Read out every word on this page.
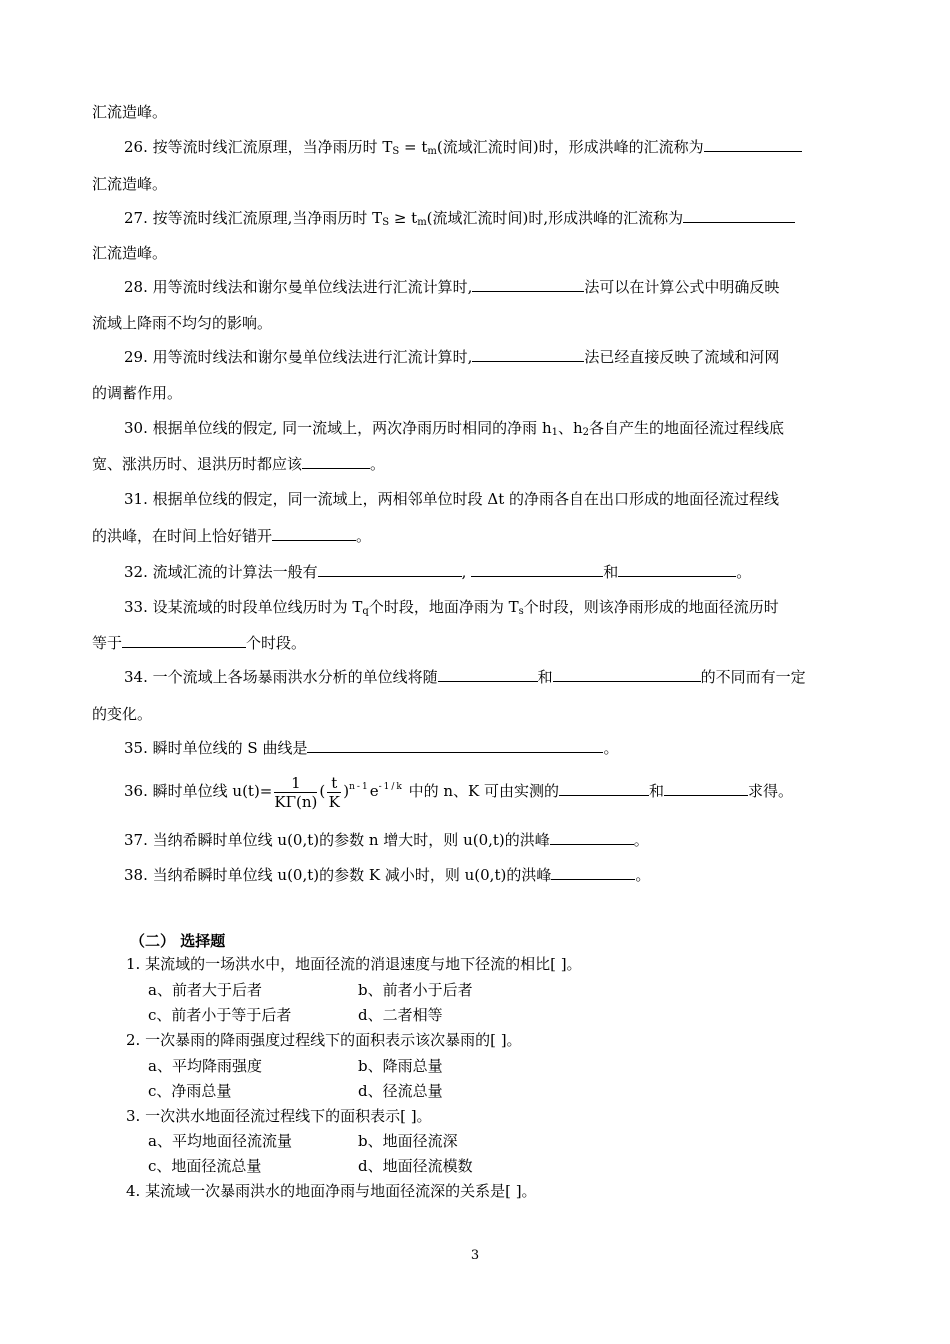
汇流造峰。
26. 按等流时线汇流原理，当净雨历时 $T_S = t_m$(流域汇流时间)时，形成洪峰的汇流称为
汇流造峰。
27. 按等流时线汇流原理,当净雨历时 $T_S \ge t_m$(流域汇流时间)时,形成洪峰的汇流称为
汇流造峰。
28. 用等流时线法和谢尔曼单位线法进行汇流计算时,	法可以在计算公式中明确反映
流域上降雨不均匀的影响。
29. 用等流时线法和谢尔曼单位线法进行汇流计算时,	法已经直接反映了流域和河网
的调蓄作用。
30. 根据单位线的假定, 同一流域上，两次净雨历时相同的净雨 $h_1$、$h_2$各自产生的地面径流过程线底
宽、涨洪历时、退洪历时都应该	。
31. 根据单位线的假定，同一流域上，两相邻单位时段 Δt 的净雨各自在出口形成的地面径流过程线
的洪峰，在时间上恰好错开	。
32. 流域汇流的计算法一般有	,	和	。
33. 设某流域的时段单位线历时为 $T_q$个时段，地面净雨为 $T_s$个时段，则该净雨形成的地面径流历时
等于	个时段。
34. 一个流域上各场暴雨洪水分析的单位线将随	和	的不同而有一定
的变化。
35. 瞬时单位线的 S 曲线是	。
36. 瞬时单位线 $u(t)= \frac{1}{K\Gamma(n)}$ ( $\frac{t}{K} )^{n-1}e^{-1/k}$ 中的 n、K 可由实测的	和	求得。
37. 当纳希瞬时单位线 u(0,t)的参数 n 增大时，则 u(0,t)的洪峰	。
38. 当纳希瞬时单位线 u(0,t)的参数 K 减小时，则 u(0,t)的洪峰	。
（二） 选择题
1. 某流域的一场洪水中，地面径流的消退速度与地下径流的相比[ ]。
a、前者大于后者	b、前者小于后者
c、前者小于等于后者	d、二者相等
2. 一次暴雨的降雨强度过程线下的面积表示该次暴雨的[ ]。
a、平均降雨强度	b、降雨总量
c、净雨总量	d、径流总量
3. 一次洪水地面径流过程线下的面积表示[ ]。
a、平均地面径流流量	b、地面径流深
c、地面径流总量	d、地面径流模数
4. 某流域一次暴雨洪水的地面净雨与地面径流深的关系是[ ]。
3
